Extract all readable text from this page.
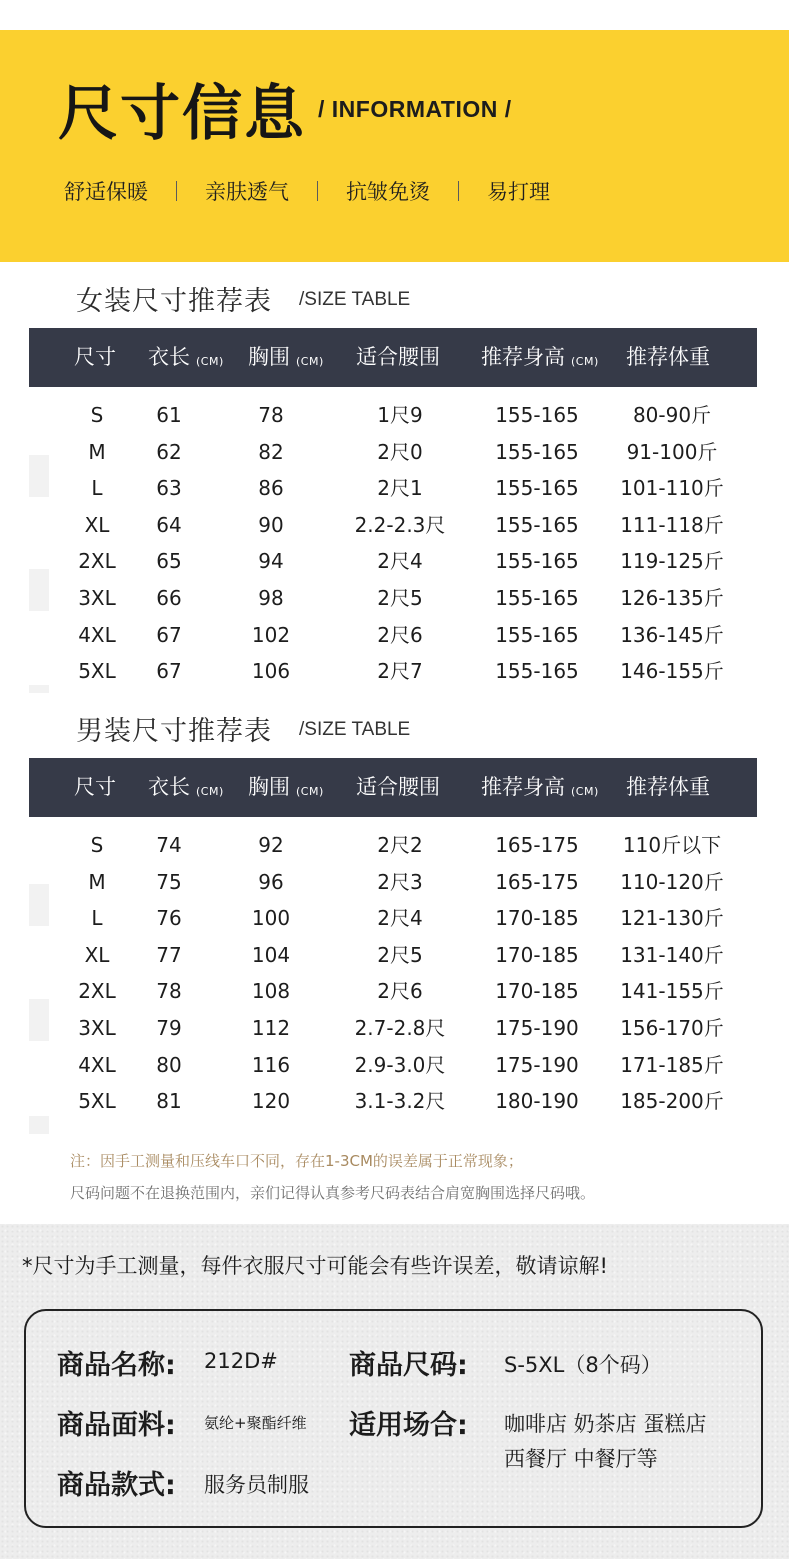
尺寸信息 / INFORMATION /
舒适保暖	亲肤透气	抗皱免烫	易打理
女装尺寸推荐表 /SIZE TABLE
尺寸 衣长 (CM) 胸围 (CM) 适合腰围 推荐身高 (CM) 推荐体重
S	61	78	1尺9	155-165	80-90斤
M	62	82	2尺0	155-165	91-100斤
L	63	86	2尺1	155-165	101-110斤
XL	64	90	2.2-2.3尺	155-165	111-118斤
2XL	65	94	2尺4	155-165	119-125斤
3XL	66	98	2尺5	155-165	126-135斤
4XL	67	102	2尺6	155-165	136-145斤
5XL	67	106	2尺7	155-165	146-155斤
男装尺寸推荐表 /SIZE TABLE
尺寸 衣长 (CM) 胸围 (CM) 适合腰围 推荐身高 (CM) 推荐体重
S	74	92	2尺2	165-175	110斤以下
M	75	96	2尺3	165-175	110-120斤
L	76	100	2尺4	170-185	121-130斤
XL	77	104	2尺5	170-185	131-140斤
2XL	78	108	2尺6	170-185	141-155斤
3XL	79	112	2.7-2.8尺	175-190	156-170斤
4XL	80	116	2.9-3.0尺	175-190	171-185斤
5XL	81	120	3.1-3.2尺	180-190	185-200斤
注：因手工测量和压线车口不同，存在1-3CM的误差属于正常现象；
尺码问题不在退换范围内，亲们记得认真参考尺码表结合肩宽胸围选择尺码哦。
*尺寸为手工测量，每件衣服尺寸可能会有些许误差，敬请谅解!
商品名称: 212D#	商品尺码: S-5XL（8个码）
商品面料: 氨纶+聚酯纤维 适用场合: 咖啡店 奶茶店 蛋糕店
西餐厅 中餐厅等
商品款式: 服务员制服
